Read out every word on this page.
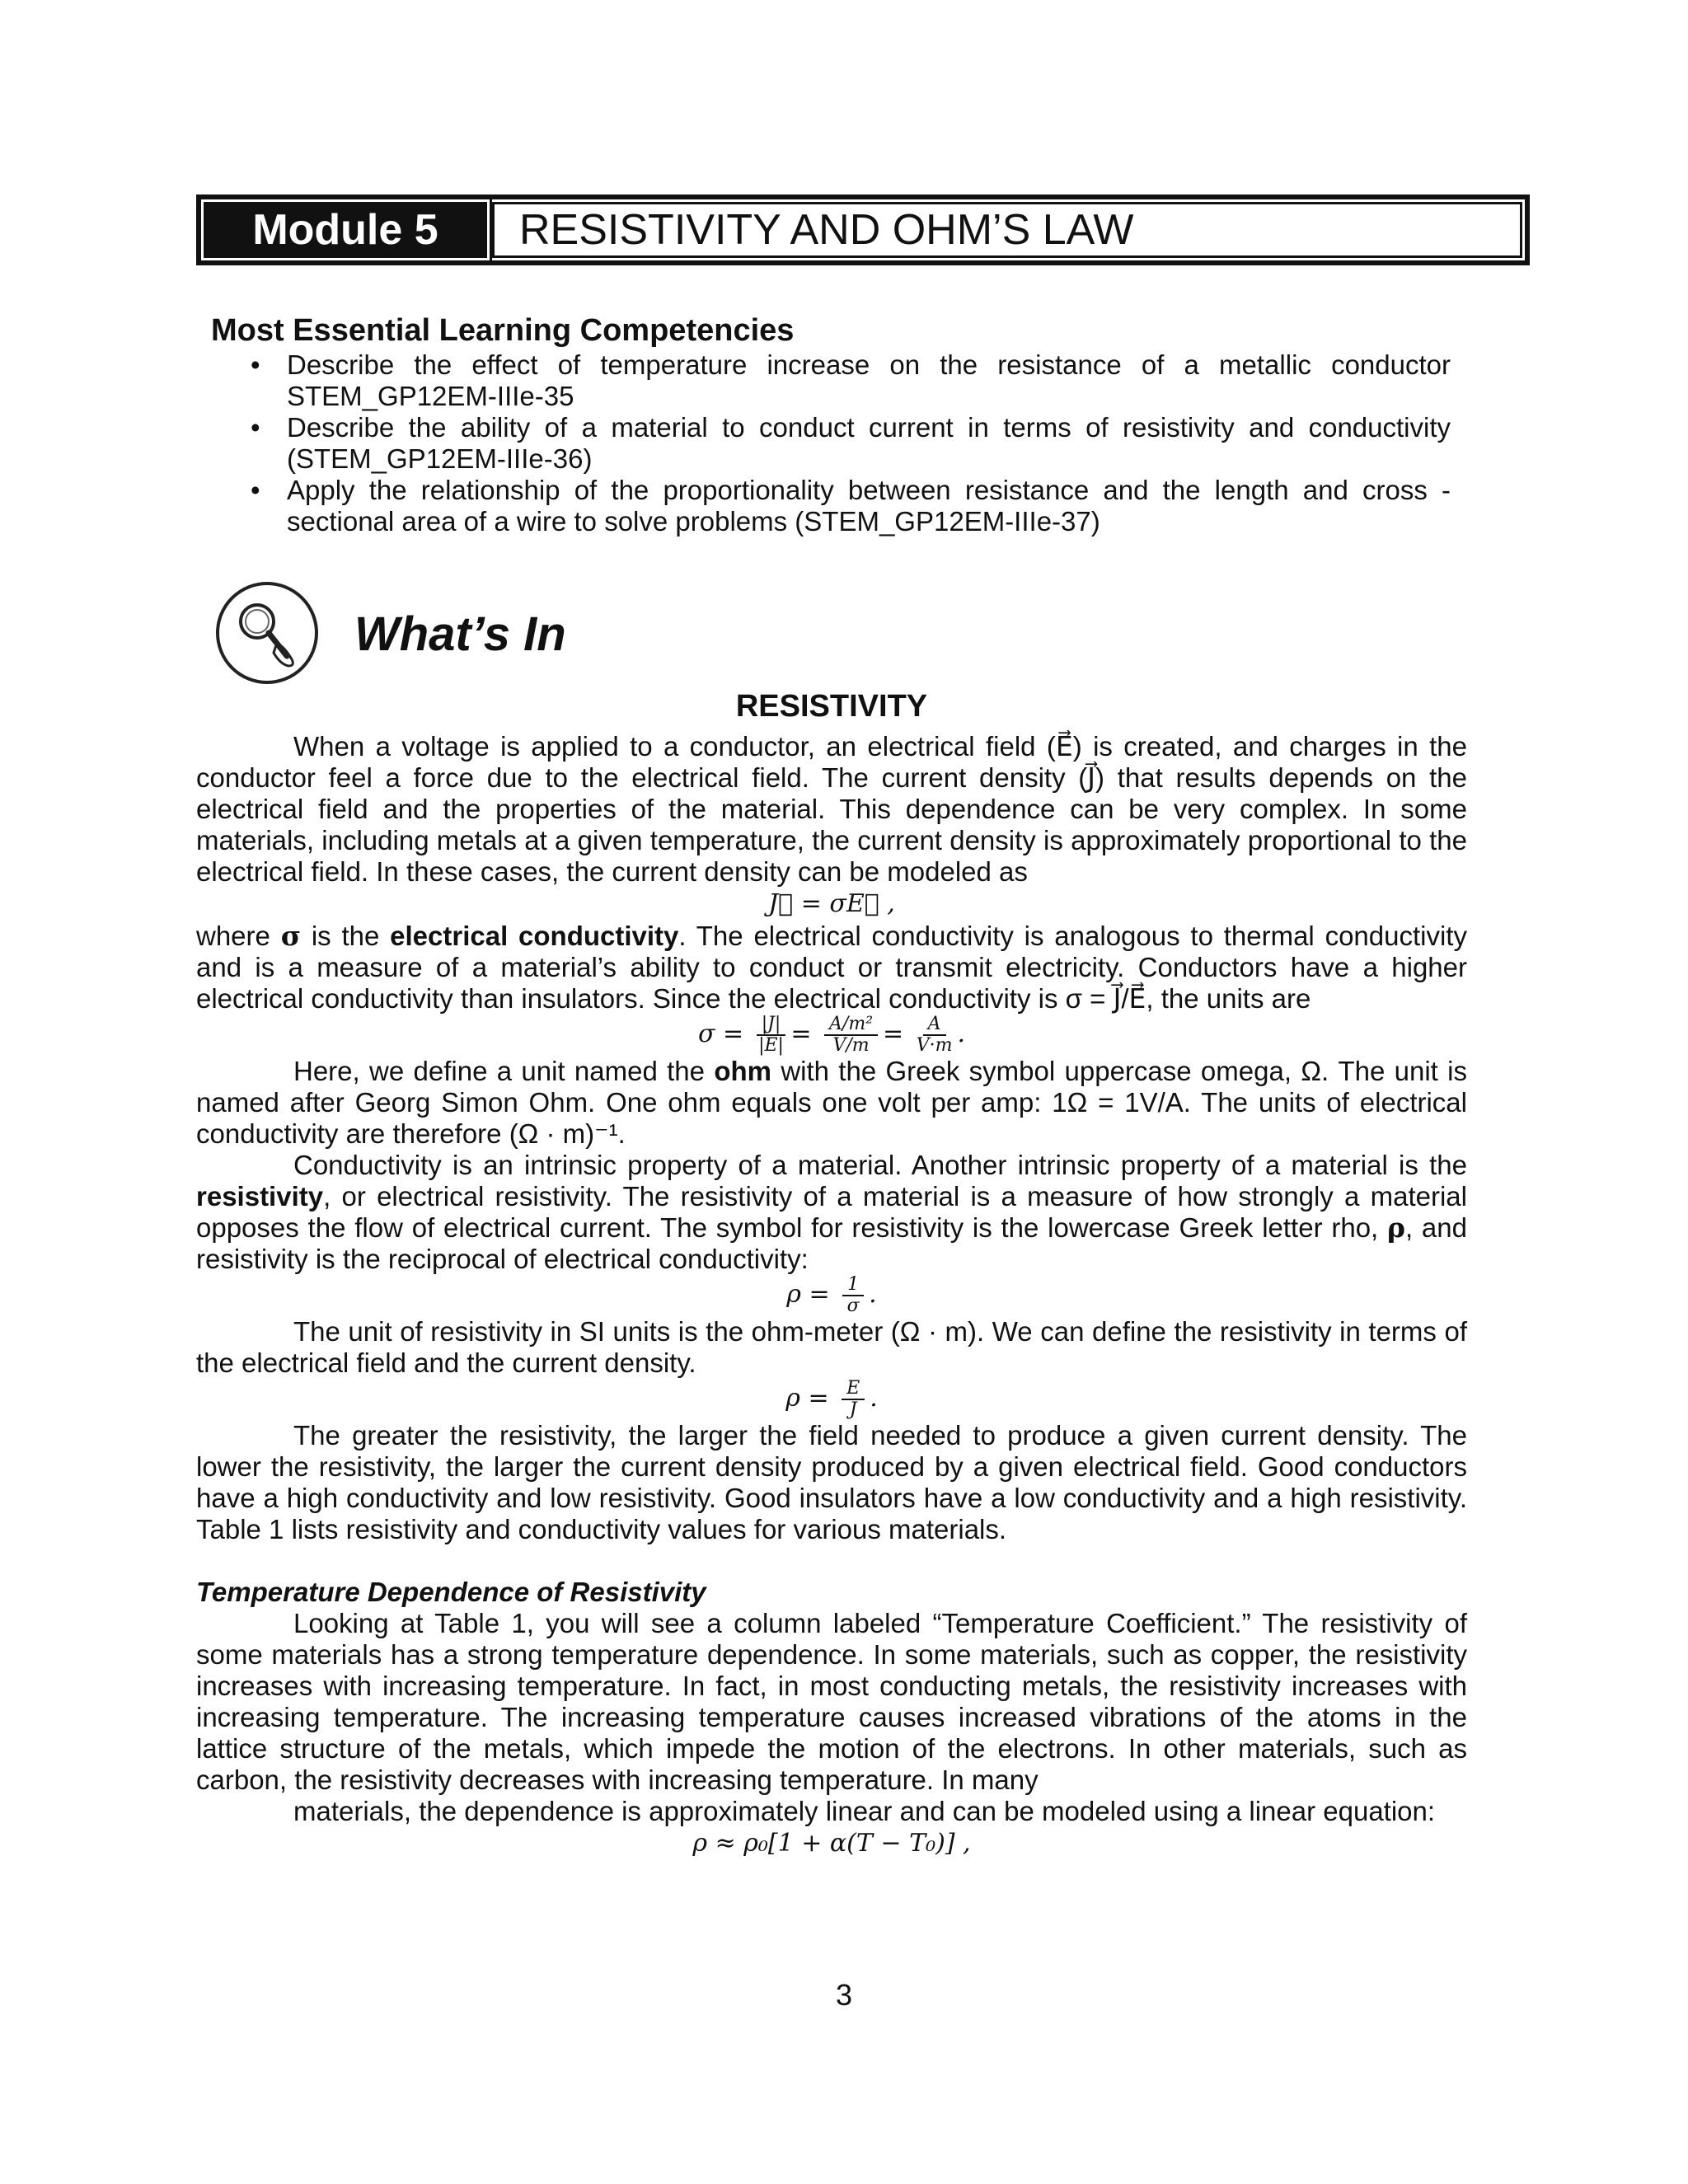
Module 5	RESISTIVITY AND OHM’S LAW
Most Essential Learning Competencies
• Describe the effect of temperature increase on the resistance of a metallic conductor STEM_GP12EM-IIIe-35
• Describe the ability of a material to conduct current in terms of resistivity and conductivity (STEM_GP12EM-IIIe-36)
• Apply the relationship of the proportionality between resistance and the length and cross - sectional area of a wire to solve problems (STEM_GP12EM-IIIe-37)
What’s In

RESISTIVITY

When a voltage is applied to a conductor, an electrical field (E⃗) is created, and charges in the conductor feel a force due to the electrical field. The current density (J⃗) that results depends on the electrical field and the properties of the material. This dependence can be very complex. In some materials, including metals at a given temperature, the current density is approximately proportional to the electrical field. In these cases, the current density can be modeled as

J⃗ = σE⃗ ,

where σ is the electrical conductivity. The electrical conductivity is analogous to thermal conductivity and is a measure of a material’s ability to conduct or transmit electricity. Conductors have a higher electrical conductivity than insulators. Since the electrical conductivity is σ = J⃗/E⃗, the units are

$\sigma = \frac{|J|}{|E|} = \frac{\text{A/m²}}{V/m} = \frac{A}{V\cdot m}$ .

Here, we define a unit named the ohm with the Greek symbol uppercase omega, Ω. The unit is named after Georg Simon Ohm. One ohm equals one volt per amp: 1Ω = 1V/A. The units of electrical conductivity are therefore (Ω · m)⁻¹.

Conductivity is an intrinsic property of a material. Another intrinsic property of a material is the resistivity, or electrical resistivity. The resistivity of a material is a measure of how strongly a material opposes the flow of electrical current. The symbol for resistivity is the lowercase Greek letter rho, ρ, and resistivity is the reciprocal of electrical conductivity:

$\rho = \frac{1}{\sigma}$ .

The unit of resistivity in SI units is the ohm-meter (Ω · m). We can define the resistivity in terms of the electrical field and the current density.

$\rho = \frac{E}{J}$ .

The greater the resistivity, the larger the field needed to produce a given current density. The lower the resistivity, the larger the current density produced by a given electrical field. Good conductors have a high conductivity and low resistivity. Good insulators have a low conductivity and a high resistivity. Table 1 lists resistivity and conductivity values for various materials.

Temperature Dependence of Resistivity

Looking at Table 1, you will see a column labeled “Temperature Coefficient.” The resistivity of some materials has a strong temperature dependence. In some materials, such as copper, the resistivity increases with increasing temperature. In fact, in most conducting metals, the resistivity increases with increasing temperature. The increasing temperature causes increased vibrations of the atoms in the lattice structure of the metals, which impede the motion of the electrons. In other materials, such as carbon, the resistivity decreases with increasing temperature. In many

materials, the dependence is approximately linear and can be modeled using a linear equation:

ρ ≈ ρ₀[1 + α(T − T₀)] ,

3
